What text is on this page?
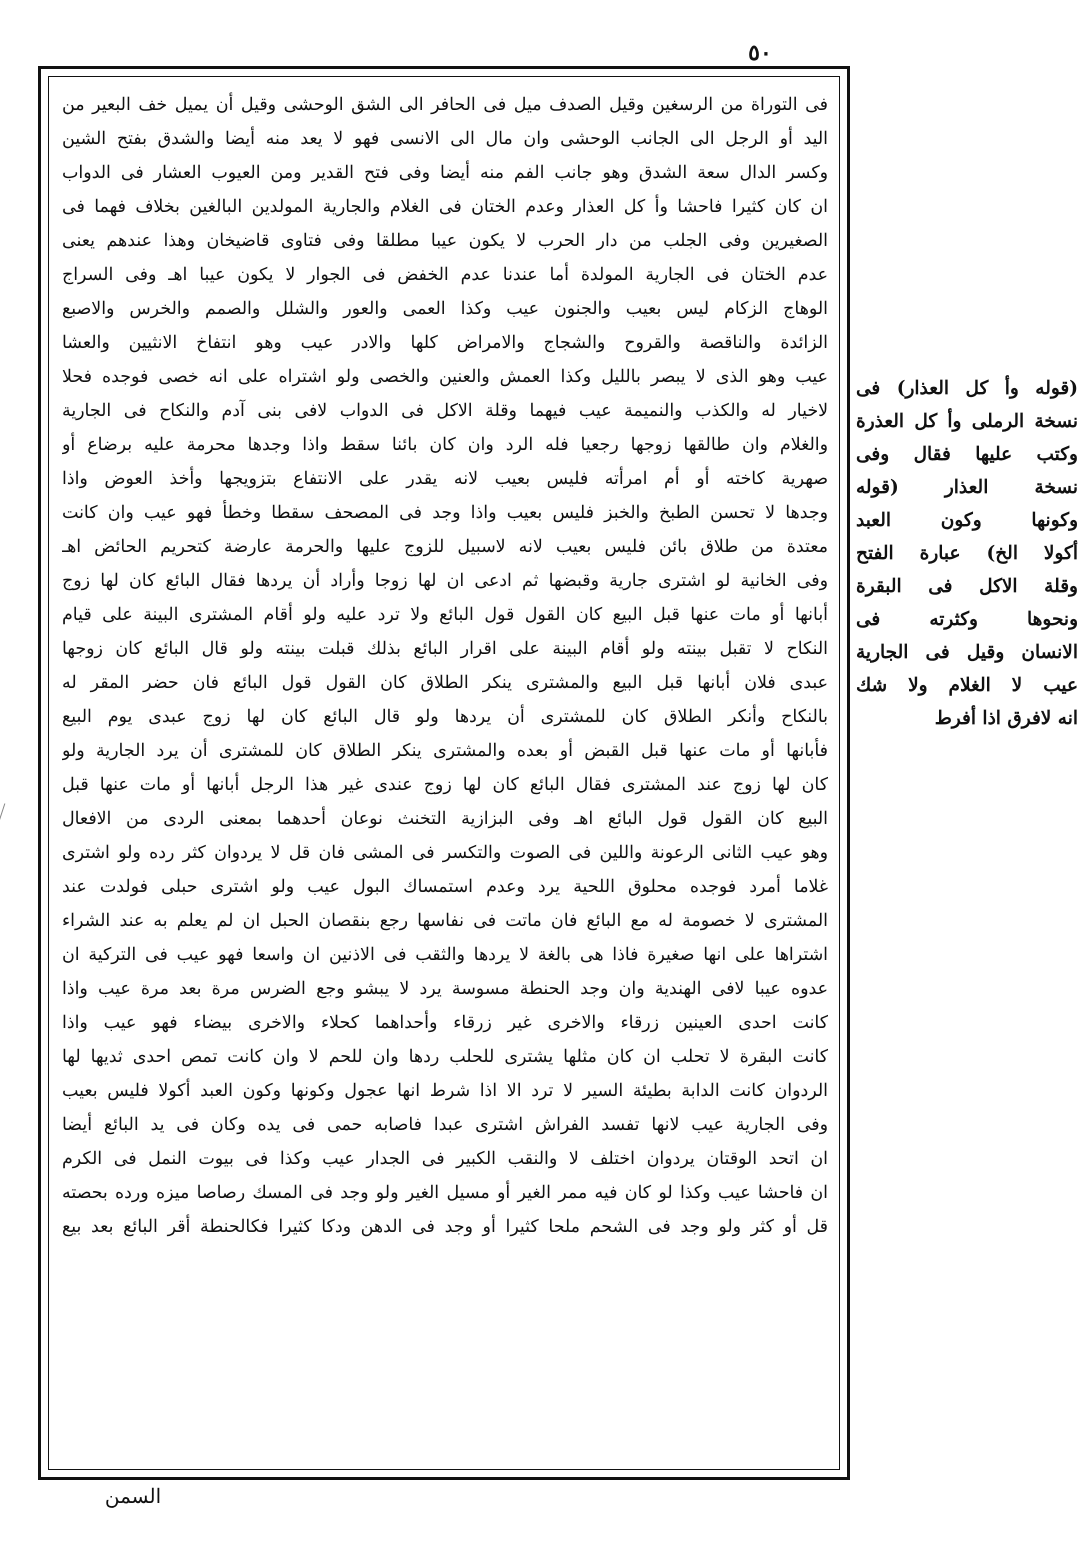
٥٠
فى التوراة من الرسغين وقيل الصدف ميل فى الحافر الى الشق الوحشى وقيل أن يميل خف البعير من
اليد أو الرجل الى الجانب الوحشى وان مال الى الانسى فهو لا يعد منه أيضا والشدق بفتح الشين
وكسر الدال سعة الشدق وهو جانب الفم منه أيضا وفى فتح القدير ومن العيوب العشار فى الدواب
ان كان كثيرا فاحشا وأ كل العذار وعدم الختان فى الغلام والجارية المولدين البالغين بخلاف فهما فى
الصغيرين وفى الجلب من دار الحرب لا يكون عيبا مطلقا وفى فتاوى قاضيخان وهذا عندهم يعنى
عدم الختان فى الجارية المولدة أما عندنا عدم الخفض فى الجوار لا يكون عيبا اهـ وفى السراج
الوهاج الزكام ليس بعيب والجنون عيب وكذا العمى والعور والشلل والصمم والخرس والاصبع
الزائدة والناقصة والقروح والشجاج والامراض كلها والادر عيب وهو انتفاخ الانثيين والعشا
عيب وهو الذى لا يبصر بالليل وكذا العمش والعنين والخصى ولو اشتراه على انه خصى فوجده فحلا
لاخيار له والكذب والنميمة عيب فيهما وقلة الاكل فى الدواب لافى بنى آدم والنكاح فى الجارية
والغلام وان طالقها زوجها رجعيا فله الرد وان كان بائنا سقط واذا وجدها محرمة عليه برضاع أو
صهرية كاخته أو أم امرأته فليس بعيب لانه يقدر على الانتفاع بتزويجها وأخذ العوض واذا
وجدها لا تحسن الطبخ والخبز فليس بعيب واذا وجد فى المصحف سقطا وخطأ فهو عيب وان كانت
معتدة من طلاق بائن فليس بعيب لانه لاسبيل للزوج عليها والحرمة عارضة كتحريم الحائض اهـ
وفى الخانية لو اشترى جارية وقبضها ثم ادعى ان لها زوجا وأراد أن يردها فقال البائع كان لها زوج
أبانها أو مات عنها قبل البيع كان القول قول البائع ولا ترد عليه ولو أقام المشترى البينة على قيام
النكاح لا تقبل بينته ولو أقام البينة على اقرار البائع بذلك قبلت بينته ولو قال البائع كان زوجها
عبدى فلان أبانها قبل البيع والمشترى ينكر الطلاق كان القول قول البائع فان حضر المقر له
بالنكاح وأنكر الطلاق كان للمشترى أن يردها ولو قال البائع كان لها زوج عبدى يوم البيع
فأبانها أو مات عنها قبل القبض أو بعده والمشترى ينكر الطلاق كان للمشترى أن يرد الجارية ولو
كان لها زوج عند المشترى فقال البائع كان لها زوج عندى غير هذا الرجل أبانها أو مات عنها قبل
البيع كان القول قول البائع اهـ وفى البزازية التخنث نوعان أحدهما بمعنى الردى من الافعال
وهو عيب الثانى الرعونة واللين فى الصوت والتكسر فى المشى فان قل لا يردوان كثر رده ولو اشترى
غلاما أمرد فوجده محلوق اللحية يرد وعدم استمساك البول عيب ولو اشترى حبلى فولدت عند
المشترى لا خصومة له مع البائع فان ماتت فى نفاسها رجع بنقصان الحبل ان لم يعلم به عند الشراء
اشتراها على انها صغيرة فاذا هى بالغة لا يردها والثقب فى الاذنين ان واسعا فهو عيب فى التركية ان
عدوه عيبا لافى الهندية وان وجد الحنطة مسوسة يرد لا يبشو وجع الضرس مرة بعد مرة عيب واذا
كانت احدى العينين زرقاء والاخرى غير زرقاء وأحداهما كحلاء والاخرى بيضاء فهو عيب واذا
كانت البقرة لا تحلب ان كان مثلها يشترى للحلب ردها وان للحم لا وان كانت تمص احدى ثديها لها
الردوان كانت الدابة بطيئة السير لا ترد الا اذا شرط انها عجول وكونها وكون العبد أكولا فليس بعيب
وفى الجارية عيب لانها تفسد الفراش اشترى عبدا فاصابه حمى فى يده وكان فى يد البائع أيضا
ان اتحد الوقتان يردوان اختلف لا والنقب الكبير فى الجدار عيب وكذا فى بيوت النمل فى الكرم
ان فاحشا عيب وكذا لو كان فيه ممر الغير أو مسيل الغير ولو وجد فى المسك رصاصا ميزه ورده بحصته
قل أو كثر ولو وجد فى الشحم ملحا كثيرا أو وجد فى الدهن ودكا كثيرا فكالحنطة أقر البائع بعد بيع
(قوله وأ كل العذار) فى
نسخة الرملى وأ كل العذرة
وكتب عليها فقال وفى
نسخة العذار (قوله
وكونها وكون العبد
أكولا الخ) عبارة الفتح
وقلة الاكل فى البقرة
ونحوها وكثرته فى
الانسان وقيل فى الجارية
عيب لا الغلام ولا شك
انه لافرق اذا أفرط
السمن
